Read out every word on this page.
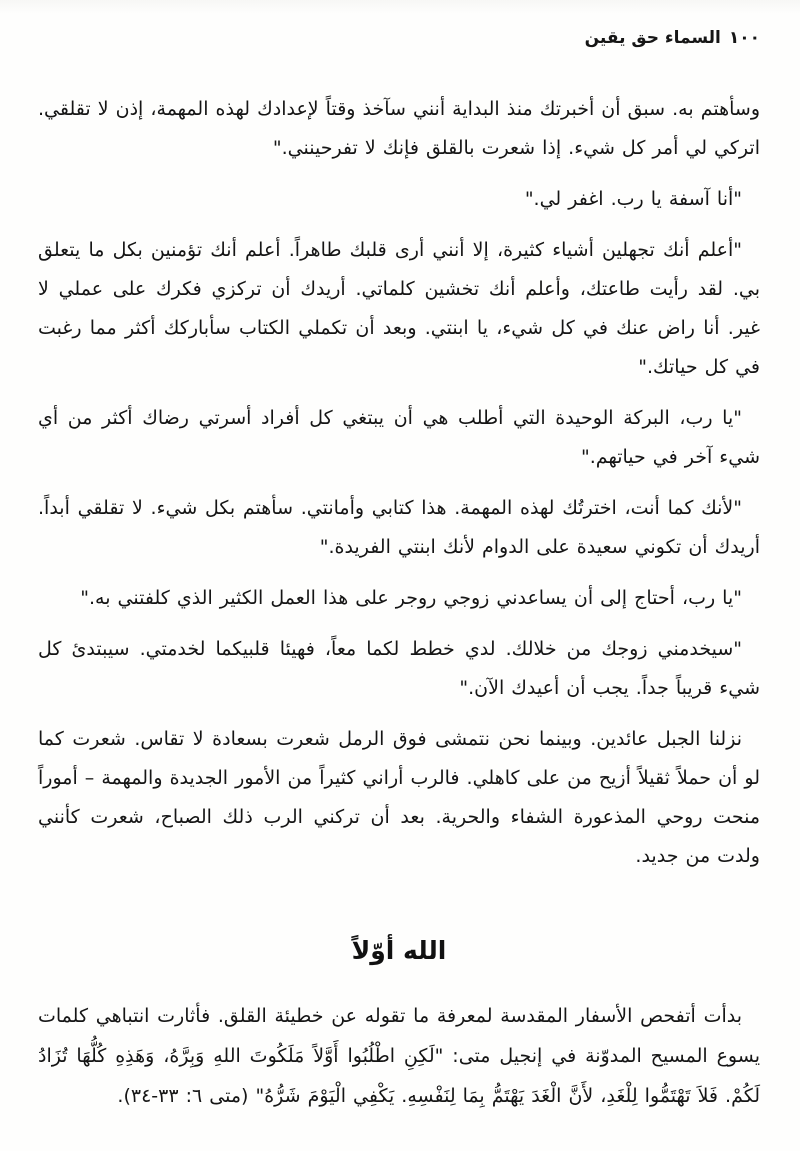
١٠٠السماء حق يقين

وسأهتم به. سبق أن أخبرتك منذ البداية أنني سآخذ وقتاً لإعدادك لهذه المهمة، إذن لا تقلقي. اتركي لي أمر كل شيء. إذا شعرت بالقلق فإنك لا تفرحينني."

"أنا آسفة يا رب. اغفر لي."

"أعلم أنك تجهلين أشياء كثيرة، إلا أنني أرى قلبك طاهراً. أعلم أنك تؤمنين بكل ما يتعلق بي. لقد رأيت طاعتك، وأعلم أنك تخشين كلماتي. أريدك أن تركزي فكرك على عملي لا غير. أنا راض عنك في كل شيء، يا ابنتي. وبعد أن تكملي الكتاب سأباركك أكثر مما رغبت في كل حياتك."

"يا رب، البركة الوحيدة التي أطلب هي أن يبتغي كل أفراد أسرتي رضاك أكثر من أي شيء آخر في حياتهم."

"لأنك كما أنت، اخترتُك لهذه المهمة. هذا كتابي وأمانتي. سأهتم بكل شيء. لا تقلقي أبداً. أريدك أن تكوني سعيدة على الدوام لأنك ابنتي الفريدة."

"يا رب، أحتاج إلى أن يساعدني زوجي روجر على هذا العمل الكثير الذي كلفتني به."

"سيخدمني زوجك من خلالك. لدي خطط لكما معاً، فهيئا قلبيكما لخدمتي. سيبتدئ كل شيء قريباً جداً. يجب أن أعيدك الآن."

نزلنا الجبل عائدين. وبينما نحن نتمشى فوق الرمل شعرت بسعادة لا تقاس. شعرت كما لو أن حملاً ثقيلاً أزيح من على كاهلي. فالرب أراني كثيراً من الأمور الجديدة والمهمة – أموراً منحت روحي المذعورة الشفاء والحرية. بعد أن تركني الرب ذلك الصباح، شعرت كأنني ولدت من جديد.

الله أوّلاً

بدأت أتفحص الأسفار المقدسة لمعرفة ما تقوله عن خطيئة القلق. فأثارت انتباهي كلمات يسوع المسيح المدوّنة في إنجيل متى: "لَكِنِ اطْلُبُوا أَوَّلاً مَلَكُوتَ اللهِ وَبِرَّهُ، وَهَذِهِ كُلُّهَا تُزَادُ لَكُمْ. فَلاَ تَهْتَمُّوا لِلْغَدِ، لأَنَّ الْغَدَ يَهْتَمُّ بِمَا لِنَفْسِهِ. يَكْفِي الْيَوْمَ شَرُّهُ" (متى ٦: ٣٣-٣٤).
